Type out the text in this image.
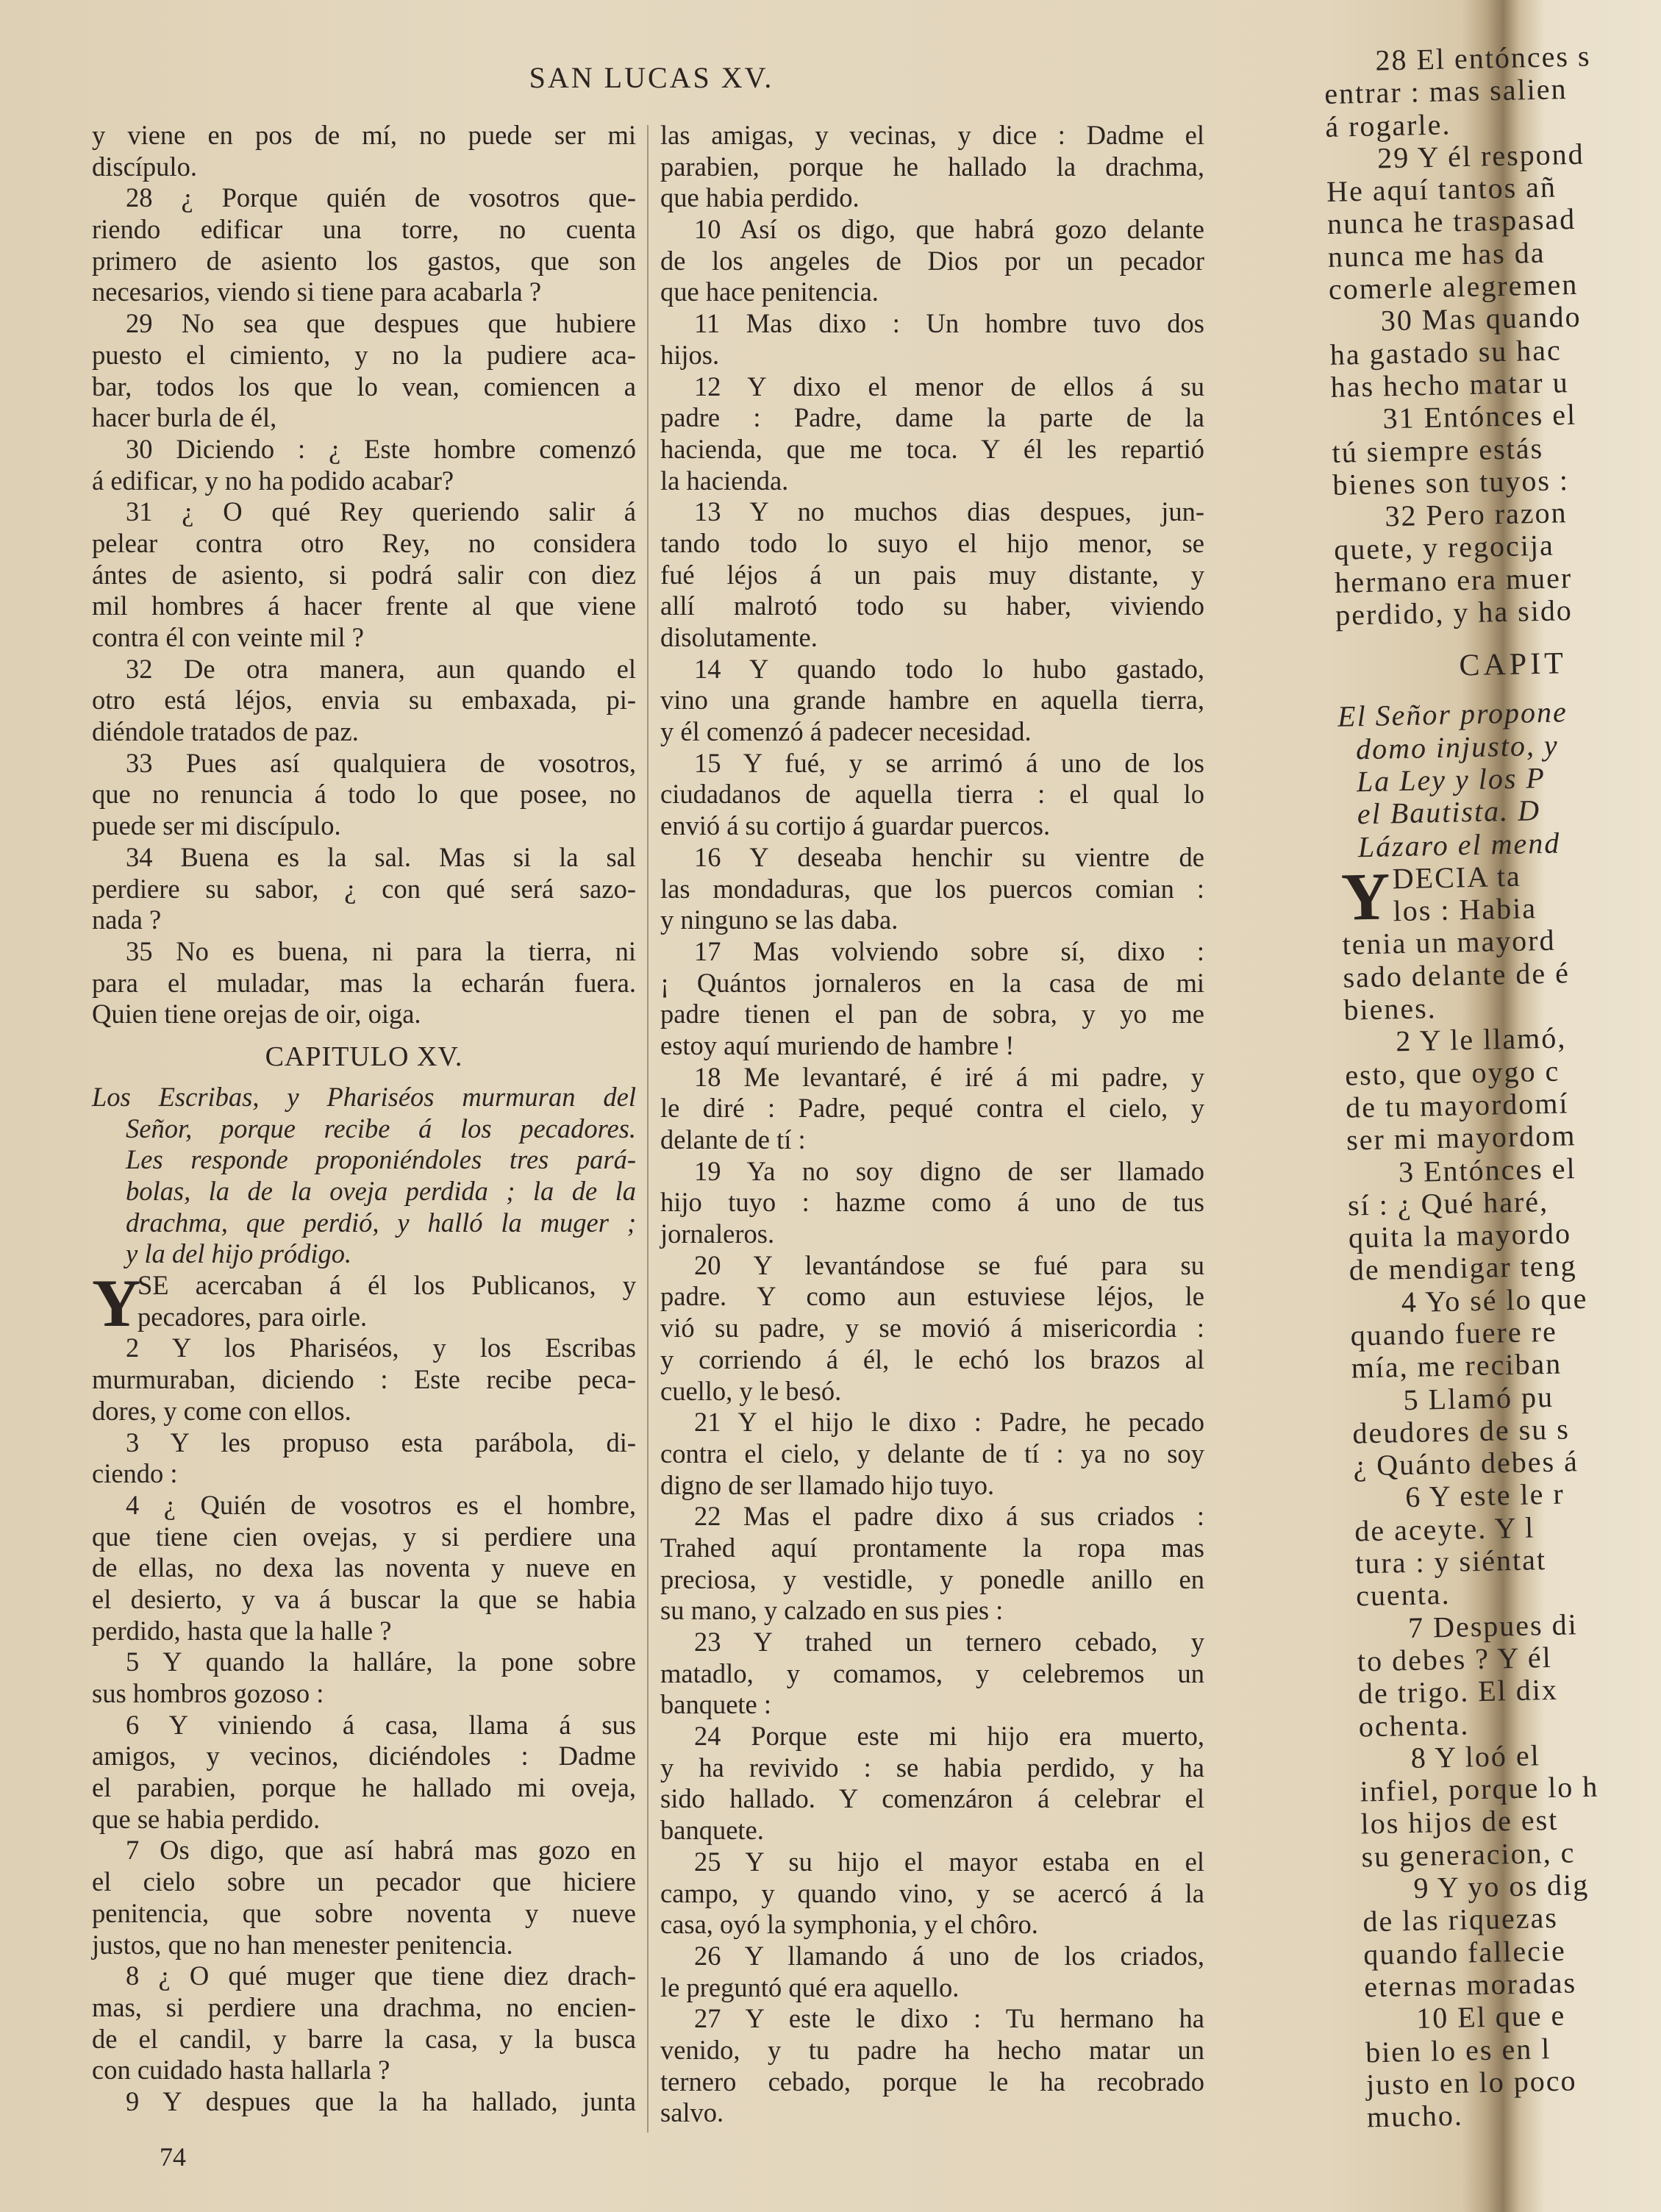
SAN LUCAS XV.
y viene en pos de mí, no puede ser mi
discípulo.
28 ¿ Porque quién de vosotros que-
riendo edificar una torre, no cuenta
primero de asiento los gastos, que son
necesarios, viendo si tiene para acabarla ?
29 No sea que despues que hubiere
puesto el cimiento, y no la pudiere aca-
bar, todos los que lo vean, comiencen a
hacer burla de él,
30 Diciendo : ¿ Este hombre comenzó
á edificar, y no ha podido acabar?
31 ¿ O qué Rey queriendo salir á
pelear contra otro Rey, no considera
ántes de asiento, si podrá salir con diez
mil hombres á hacer frente al que viene
contra él con veinte mil ?
32 De otra manera, aun quando el
otro está léjos, envia su embaxada, pi-
diéndole tratados de paz.
33 Pues así qualquiera de vosotros,
que no renuncia á todo lo que posee, no
puede ser mi discípulo.
34 Buena es la sal. Mas si la sal
perdiere su sabor, ¿ con qué será sazo-
nada ?
35 No es buena, ni para la tierra, ni
para el muladar, mas la echarán fuera.
Quien tiene orejas de oir, oiga.
CAPITULO XV.
Los Escribas, y Phariséos murmuran del
Señor, porque recibe á los pecadores.
Les responde proponiéndoles tres pará-
bolas, la de la oveja perdida ; la de la
drachma, que perdió, y halló la muger ;
y la del hijo pródigo.
Y
SE acercaban á él los Publicanos, y
pecadores, para oirle.
2 Y los Phariséos, y los Escribas
murmuraban, diciendo : Este recibe peca-
dores, y come con ellos.
3 Y les propuso esta parábola, di-
ciendo :
4 ¿ Quién de vosotros es el hombre,
que tiene cien ovejas, y si perdiere una
de ellas, no dexa las noventa y nueve en
el desierto, y va á buscar la que se habia
perdido, hasta que la halle ?
5 Y quando la halláre, la pone sobre
sus hombros gozoso :
6 Y viniendo á casa, llama á sus
amigos, y vecinos, diciéndoles : Dadme
el parabien, porque he hallado mi oveja,
que se habia perdido.
7 Os digo, que así habrá mas gozo en
el cielo sobre un pecador que hiciere
penitencia, que sobre noventa y nueve
justos, que no han menester penitencia.
8 ¿ O qué muger que tiene diez drach-
mas, si perdiere una drachma, no encien-
de el candil, y barre la casa, y la busca
con cuidado hasta hallarla ?
9 Y despues que la ha hallado, junta
las amigas, y vecinas, y dice : Dadme el
parabien, porque he hallado la drachma,
que habia perdido.
10 Así os digo, que habrá gozo delante
de los angeles de Dios por un pecador
que hace penitencia.
11 Mas dixo : Un hombre tuvo dos
hijos.
12 Y dixo el menor de ellos á su
padre : Padre, dame la parte de la
hacienda, que me toca. Y él les repartió
la hacienda.
13 Y no muchos dias despues, jun-
tando todo lo suyo el hijo menor, se
fué léjos á un pais muy distante, y
allí malrotó todo su haber, viviendo
disolutamente.
14 Y quando todo lo hubo gastado,
vino una grande hambre en aquella tierra,
y él comenzó á padecer necesidad.
15 Y fué, y se arrimó á uno de los
ciudadanos de aquella tierra : el qual lo
envió á su cortijo á guardar puercos.
16 Y deseaba henchir su vientre de
las mondaduras, que los puercos comian :
y ninguno se las daba.
17 Mas volviendo sobre sí, dixo :
¡ Quántos jornaleros en la casa de mi
padre tienen el pan de sobra, y yo me
estoy aquí muriendo de hambre !
18 Me levantaré, é iré á mi padre, y
le diré : Padre, pequé contra el cielo, y
delante de tí :
19 Ya no soy digno de ser llamado
hijo tuyo : hazme como á uno de tus
jornaleros.
20 Y levantándose se fué para su
padre. Y como aun estuviese léjos, le
vió su padre, y se movió á misericordia :
y corriendo á él, le echó los brazos al
cuello, y le besó.
21 Y el hijo le dixo : Padre, he pecado
contra el cielo, y delante de tí : ya no soy
digno de ser llamado hijo tuyo.
22 Mas el padre dixo á sus criados :
Trahed aquí prontamente la ropa mas
preciosa, y vestidle, y ponedle anillo en
su mano, y calzado en sus pies :
23 Y trahed un ternero cebado, y
matadlo, y comamos, y celebremos un
banquete :
24 Porque este mi hijo era muerto,
y ha revivido : se habia perdido, y ha
sido hallado. Y comenzáron á celebrar el
banquete.
25 Y su hijo el mayor estaba en el
campo, y quando vino, y se acercó á la
casa, oyó la symphonia, y el chôro.
26 Y llamando á uno de los criados,
le preguntó qué era aquello.
27 Y este le dixo : Tu hermano ha
venido, y tu padre ha hecho matar un
ternero cebado, porque le ha recobrado
salvo.
74
28 El entónces s
entrar : mas salien
á rogarle.
29 Y él respond
He aquí tantos añ
nunca he traspasad
nunca me has da
comerle alegremen
30 Mas quando
ha gastado su hac
has hecho matar u
31 Entónces el
tú siempre estás
bienes son tuyos :
32 Pero razon
quete, y regocija
hermano era muer
perdido, y ha sido
CAPIT
El Señor propone
domo injusto, y
La Ley y los P
el Bautista. D
Lázaro el mend
Y DECIA ta
los : Habia
tenia un mayord
sado delante de é
bienes.
2 Y le llamó,
esto, que oygo c
de tu mayordomí
ser mi mayordom
3 Entónces el
sí : ¿ Qué haré,
quita la mayordo
de mendigar teng
4 Yo sé lo que
quando fuere re
mía, me reciban
5 Llamó pu
deudores de su s
¿ Quánto debes á
6 Y este le r
de aceyte. Y l
tura : y siéntat
cuenta.
7 Despues di
to debes ? Y él
de trigo. El dix
ochenta.
8 Y loó el
infiel, porque lo h
los hijos de est
su generacion, c
9 Y yo os dig
de las riquezas
quando fallecie
eternas moradas
10 El que e
bien lo es en l
justo en lo poco
mucho.
